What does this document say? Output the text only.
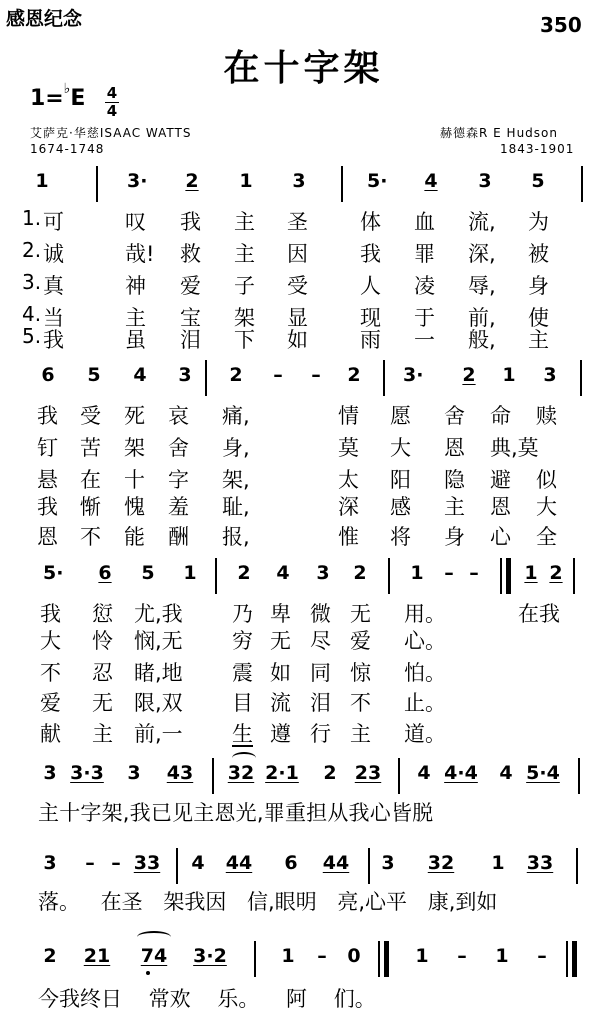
感恩纪念	350
在十字架
1=♭E 4
4
艾萨克·华慈ISAAC WATTS
1674-1748
赫德森R E Hudson
1843-1901
1	3· 2 1 3	5· 4 3 5
1. 可	叹 我 主 圣 体 血 流, 为
2. 诚	哉! 救 主 因 我 罪 深, 被
3. 真	神 爱 子 受 人 凌 辱, 身
4. 当	主 宝 架 显 现 于 前, 使
5. 我	虽 泪 下 如 雨 一 般, 主
6 5 4 3 2 – – 2 3· 2 1 3
我 受 死 哀 痛,	情 愿 舍 命 赎
钉 苦 架 舍 身,	莫 大 恩 典,莫
悬 在 十 字 架,	太 阳 隐 避 似
我 惭 愧 羞 耻,	深 感 主 恩 大
恩 不 能 酬 报,	惟 将 身 心 全
5· 6 5 1 2 4 3 2 1 – – 1 2
我 愆 尤,我 乃 卑 微 无 用。	在我
大 怜 悯,无 穷 无 尽 爱 心。
不 忍 睹,地 震 如 同 惊 怕。
爱 无 限,双 目 流 泪 不 止。
献 主 前,一 生 遵 行 主 道。
3 3·3 3	43	32 2·1 2 23 4 4·4 4 5·4
主十字架,我已见主恩光,罪重担从我心皆脱
3 – – 33	4	44	6	44	3	32	1	33
落。 在圣 架我因 信,眼明 亮,心平 康,到如
2	21	74	3·2	1 – 0	1 – 1 –
今我终日 常欢 乐。 阿 们。
